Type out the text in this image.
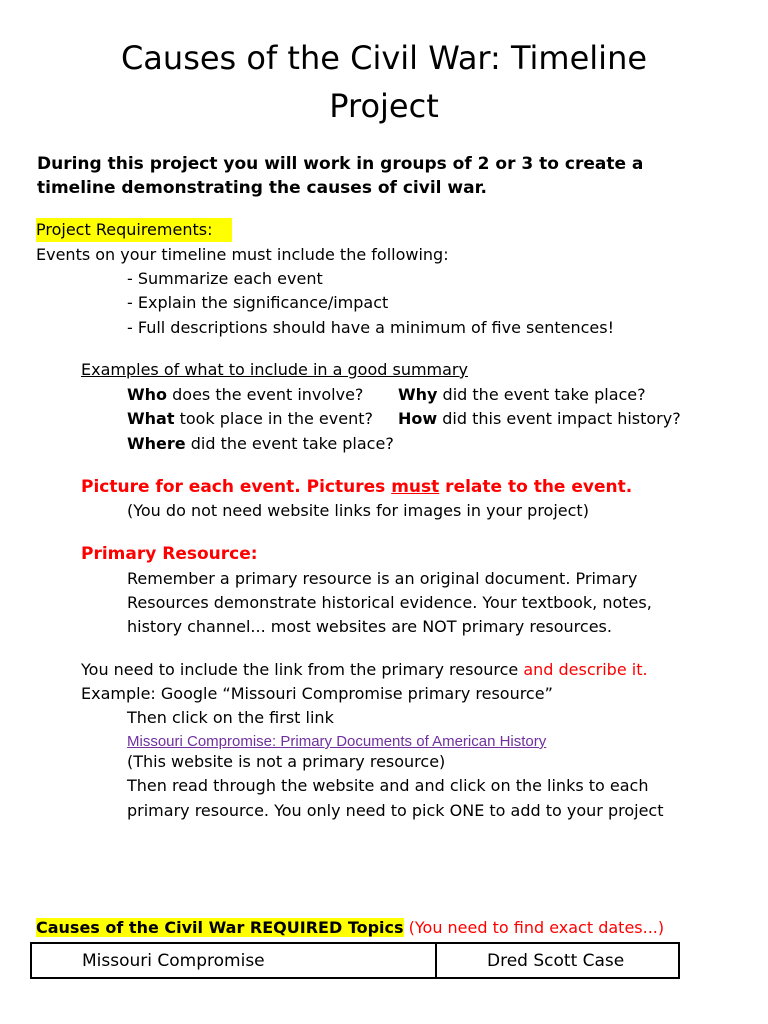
Causes of the Civil War: Timeline
Project
During this project you will work in groups of 2 or 3 to create a
timeline demonstrating the causes of civil war.
Project Requirements:
Events on your timeline must include the following:
- Summarize each event
- Explain the significance/impact
- Full descriptions should have a minimum of five sentences!
Examples of what to include in a good summary
Who does the event involve? Why did the event take place?
What took place in the event? How did this event impact history?
Where did the event take place?
Picture for each event. Pictures must relate to the event.
(You do not need website links for images in your project)
Primary Resource:
Remember a primary resource is an original document. Primary
Resources demonstrate historical evidence. Your textbook, notes,
history channel... most websites are NOT primary resources.
You need to include the link from the primary resource and describe it.
Example: Google “Missouri Compromise primary resource”
Then click on the first link
Missouri Compromise: Primary Documents of American History
(This website is not a primary resource)
Then read through the website and and click on the links to each
primary resource. You only need to pick ONE to add to your project
Causes of the Civil War REQUIRED Topics (You need to find exact dates...)
Missouri Compromise	Dred Scott Case
